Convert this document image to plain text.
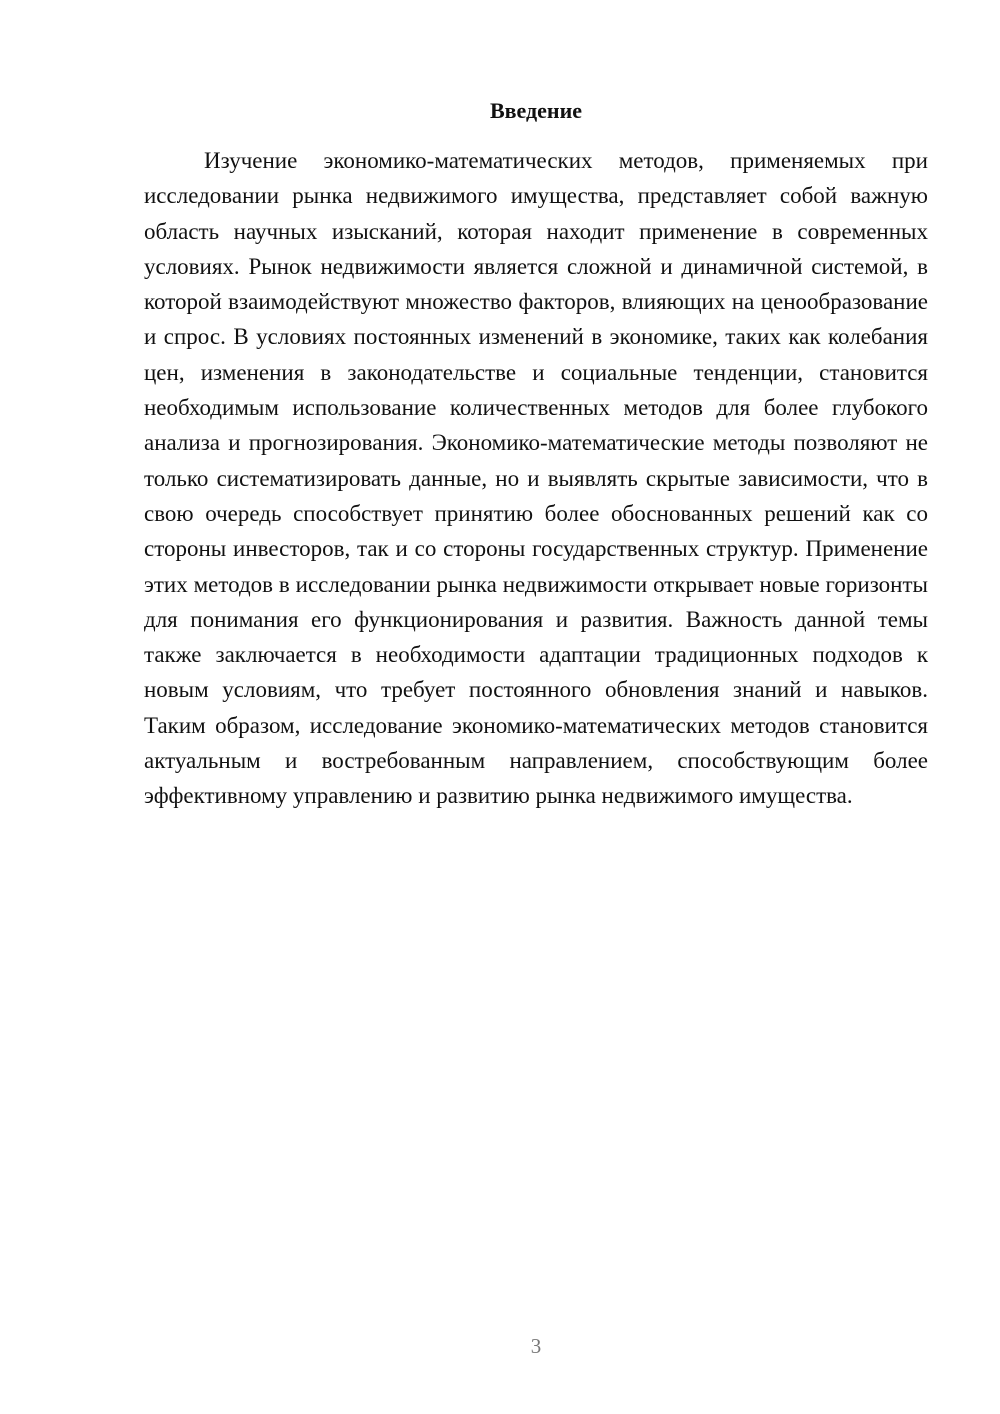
Введение

Изучение экономико-математических методов, применяемых при исследовании рынка недвижимого имущества, представляет собой важную область научных изысканий, которая находит применение в современных условиях. Рынок недвижимости является сложной и динамичной системой, в которой взаимодействуют множество факторов, влияющих на ценообразование и спрос. В условиях постоянных изменений в экономике, таких как колебания цен, изменения в законодательстве и социальные тенденции, становится необходимым использование количественных методов для более глубокого анализа и прогнозирования. Экономико-математические методы позволяют не только систематизировать данные, но и выявлять скрытые зависимости, что в свою очередь способствует принятию более обоснованных решений как со стороны инвесторов, так и со стороны государственных структур. Применение этих методов в исследовании рынка недвижимости открывает новые горизонты для понимания его функционирования и развития. Важность данной темы также заключается в необходимости адаптации традиционных подходов к новым условиям, что требует постоянного обновления знаний и навыков. Таким образом, исследование экономико-математических методов становится актуальным и востребованным направлением, способствующим более эффективному управлению и развитию рынка недвижимого имущества.

3
